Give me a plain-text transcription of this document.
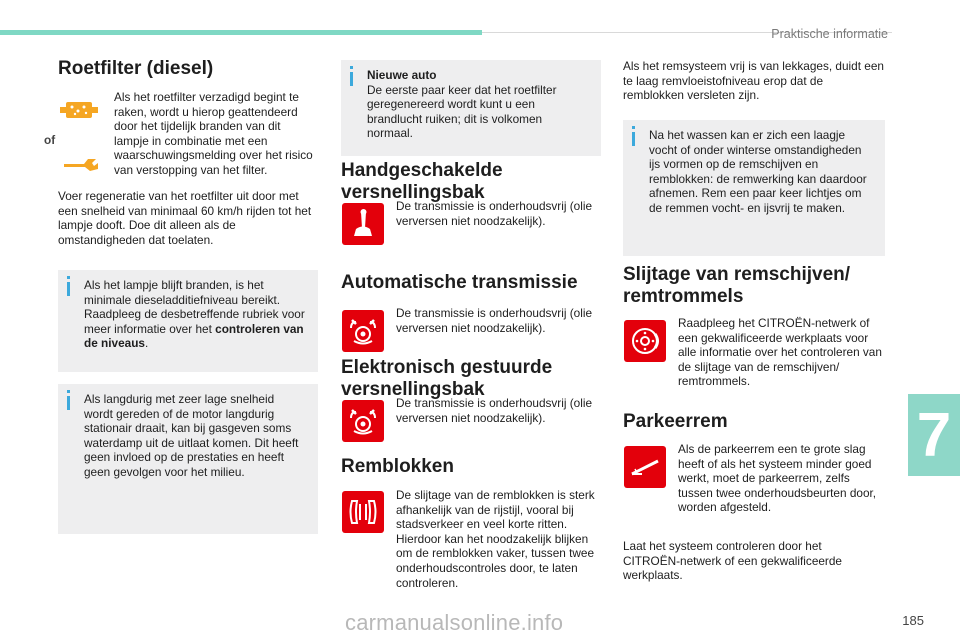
Praktische informatie
7
185
carmanualsonline.info
Roetfilter (diesel)
of
Als het roetfilter verzadigd begint te raken, wordt u hierop geattendeerd door het tijdelijk branden van dit lampje in combinatie met een waarschuwingsmelding over het risico van verstopping van het filter.
Voer regeneratie van het roetfilter uit door met een snelheid van minimaal 60 km/h rijden tot het lampje dooft. Doe dit alleen als de omstandigheden dat toelaten.
Als het lampje blijft branden, is het minimale dieseladditiefniveau bereikt. Raadpleeg de desbetreffende rubriek voor meer informatie over het controleren van de niveaus.
Als langdurig met zeer lage snelheid wordt gereden of de motor langdurig stationair draait, kan bij gasgeven soms waterdamp uit de uitlaat komen. Dit heeft geen invloed op de prestaties en heeft geen gevolgen voor het milieu.
Nieuwe auto
De eerste paar keer dat het roetfilter geregenereerd wordt kunt u een brandlucht ruiken; dit is volkomen normaal.
Handgeschakelde versnellingsbak
De transmissie is onderhoudsvrij (olie verversen niet noodzakelijk).
Automatische transmissie
De transmissie is onderhoudsvrij (olie verversen niet noodzakelijk).
Elektronisch gestuurde versnellingsbak
De transmissie is onderhoudsvrij (olie verversen niet noodzakelijk).
Remblokken
De slijtage van de remblokken is sterk afhankelijk van de rijstijl, vooral bij stadsverkeer en veel korte ritten. Hierdoor kan het noodzakelijk blijken om de remblokken vaker, tussen twee onderhoudscontroles door, te laten controleren.
Als het remsysteem vrij is van lekkages, duidt een te laag remvloeistofniveau erop dat de remblokken versleten zijn.
Na het wassen kan er zich een laagje vocht of onder winterse omstandigheden ijs vormen op de remschijven en remblokken: de remwerking kan daardoor afnemen. Rem een paar keer lichtjes om de remmen vocht- en ijsvrij te maken.
Slijtage van remschijven/ remtrommels
Raadpleeg het CITROËN-netwerk of een gekwalificeerde werkplaats voor alle informatie over het controleren van de slijtage van de remschijven/ remtrommels.
Parkeerrem
Als de parkeerrem een te grote slag heeft of als het systeem minder goed werkt, moet de parkeerrem, zelfs tussen twee onderhoudsbeurten door, worden afgesteld.
Laat het systeem controleren door het CITROËN-netwerk of een gekwalificeerde werkplaats.
